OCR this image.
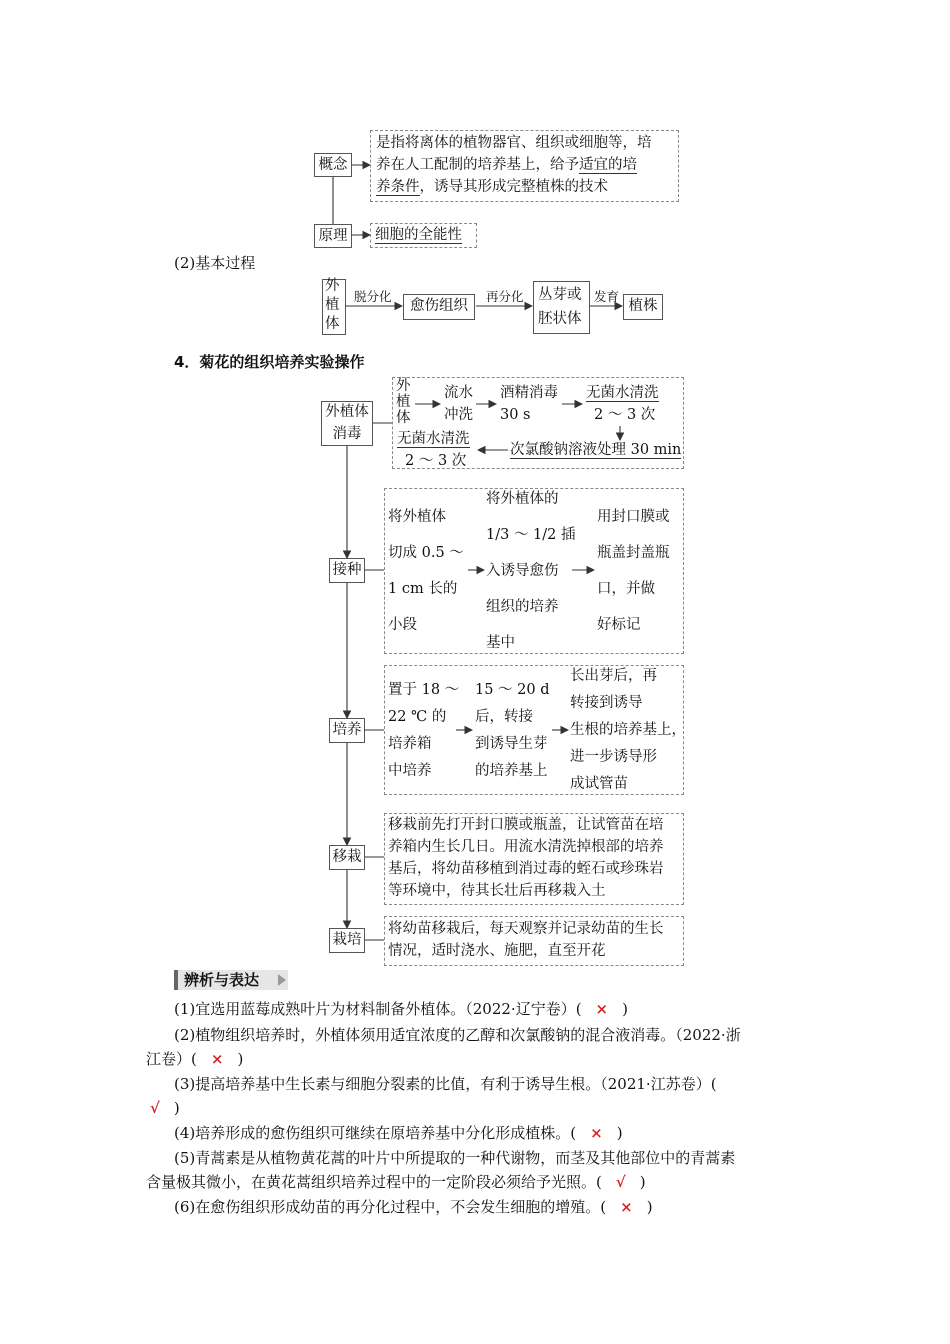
概念
是指将离体的植物器官、组织或细胞等，培
养在人工配制的培养基上，给予适宜的培
养条件，诱导其形成完整植株的技术
原理	细胞的全能性
(2)基本过程
外植体
脱分化
愈伤组织
再分化 丛芽或
胚状体
发育
植株
4．菊花的组织培养实验操作
外植体
消毒
外植体
流水
冲洗
酒精消毒
30 s
无菌水清洗
2 ～ 3 次
次氯酸钠溶液处理 30 min
无菌水清洗
2 ～ 3 次
接种
将外植体
切成 0.5 ～
1 cm 长的
小段
将外植体的
1/3 ～ 1/2 插
入诱导愈伤
组织的培养
基中
用封口膜或
瓶盖封盖瓶
口，并做
好标记
培养
置于 18 ～
22 ℃ 的
培养箱
中培养
15 ～ 20 d
后，转接
到诱导生芽
的培养基上
长出芽后，再
转接到诱导
生根的培养基上，
进一步诱导形
成试管苗
移栽
移栽前先打开封口膜或瓶盖，让试管苗在培
养箱内生长几日。用流水清洗掉根部的培养
基后，将幼苗移植到消过毒的蛭石或珍珠岩
等环境中，待其长壮后再移栽入土
栽培
将幼苗移栽后，每天观察并记录幼苗的生长
情况，适时浇水、施肥，直至开花
辨析与表达
(1)宜选用蓝莓成熟叶片为材料制备外植体。（2022·辽宁卷）( × )
(2)植物组织培养时，外植体须用适宜浓度的乙醇和次氯酸钠的混合液消毒。（2022·浙
江卷）( × )
(3)提高培养基中生长素与细胞分裂素的比值，有利于诱导生根。（2021·江苏卷）(
√ )
(4)培养形成的愈伤组织可继续在原培养基中分化形成植株。( × )
(5)青蒿素是从植物黄花蒿的叶片中所提取的一种代谢物，而茎及其他部位中的青蒿素
含量极其微小，在黄花蒿组织培养过程中的一定阶段必须给予光照。( √ )
(6)在愈伤组织形成幼苗的再分化过程中，不会发生细胞的增殖。( × )
